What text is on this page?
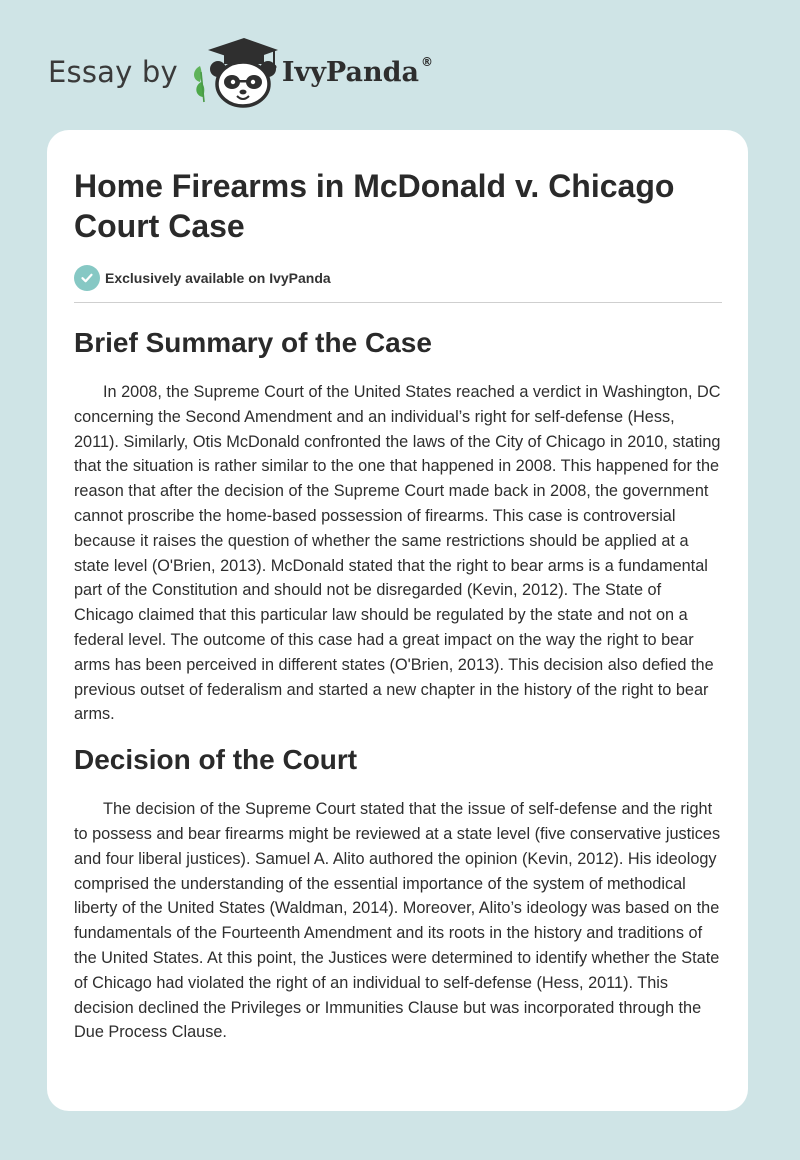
Essay by	IvyPanda ®
Home Firearms in McDonald v. Chicago Court Case
Exclusively available on IvyPanda
Brief Summary of the Case

In 2008, the Supreme Court of the United States reached a verdict in Washington, DC concerning the Second Amendment and an individual’s right for self-defense (Hess, 2011). Similarly, Otis McDonald confronted the laws of the City of Chicago in 2010, stating that the situation is rather similar to the one that happened in 2008. This happened for the reason that after the decision of the Supreme Court made back in 2008, the government cannot proscribe the home-based possession of firearms. This case is controversial because it raises the question of whether the same restrictions should be applied at a state level (O'Brien, 2013). McDonald stated that the right to bear arms is a fundamental part of the Constitution and should not be disregarded (Kevin, 2012). The State of Chicago claimed that this particular law should be regulated by the state and not on a federal level. The outcome of this case had a great impact on the way the right to bear arms has been perceived in different states (O'Brien, 2013). This decision also defied the previous outset of federalism and started a new chapter in the history of the right to bear arms.

Decision of the Court

The decision of the Supreme Court stated that the issue of self-defense and the right to possess and bear firearms might be reviewed at a state level (five conservative justices and four liberal justices). Samuel A. Alito authored the opinion (Kevin, 2012). His ideology comprised the understanding of the essential importance of the system of methodical liberty of the United States (Waldman, 2014). Moreover, Alito’s ideology was based on the fundamentals of the Fourteenth Amendment and its roots in the history and traditions of the United States. At this point, the Justices were determined to identify whether the State of Chicago had violated the right of an individual to self-defense (Hess, 2011). This decision declined the Privileges or Immunities Clause but was incorporated through the Due Process Clause.
